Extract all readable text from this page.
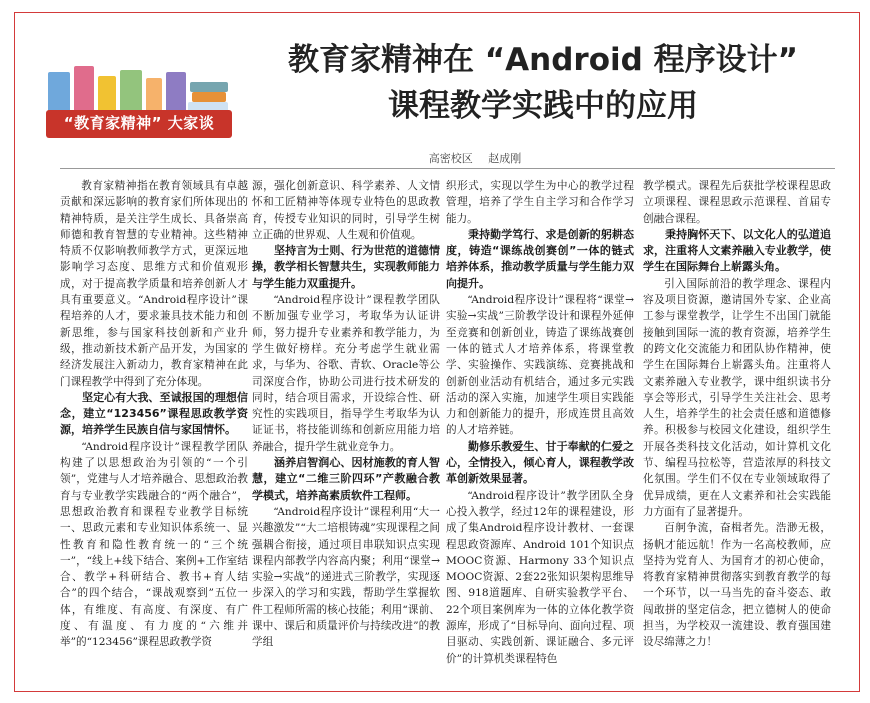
“教育家精神” 大家谈
教育家精神在 “Android 程序设计”
课程教学实践中的应用
高密校区 赵成刚

教育家精神指在教育领域具有卓越贡献和深远影响的教育家们所体现出的精神特质，是关注学生成长、具备崇高师德和教育智慧的专业精神。这些精神特质不仅影响教师教学方式，更深远地影响学习态度、思维方式和价值观形成，对于提高教学质量和培养创新人才具有重要意义。“Android程序设计”课程培养的人才，要求兼具技术能力和创新思维，参与国家科技创新和产业升级，推动新技术新产品开发，为国家的经济发展注入新动力，教育家精神在此门课程教学中得到了充分体现。

坚定心有大我、至诚报国的理想信念，建立“123456”课程思政教学资源，培养学生民族自信与家国情怀。

“Android程序设计”课程教学团队构建了以思想政治为引领的“一个引领”，党建与人才培养融合、思想政治教育与专业教学实践融合的“两个融合”，思想政治教育和课程专业教学目标统一、思政元素和专业知识体系统一、显性教育和隐性教育统一的“三个统一”，“线上+线下结合、案例+工作室结合、教学+科研结合、教书+育人结合”的四个结合，“课战观察到”五位一体，有维度、有高度、有深度、有广度、有温度、有力度的“六维并举”的“123456”课程思政教学资

源，强化创新意识、科学素养、人文情怀和工匠精神等体现专业特色的思政教育，传授专业知识的同时，引导学生树立正确的世界观、人生观和价值观。

坚持言为士则、行为世范的道德情操，教学相长智慧共生，实现教师能力与学生能力双重提升。

“Android程序设计”课程教学团队不断加强专业学习，考取华为认证讲师，努力提升专业素养和教学能力，为学生做好榜样。充分考虑学生就业需求，与华为、谷歌、青软、Oracle等公司深度合作，协助公司进行技术研发的同时，结合项目需求，开设综合性、研究性的实践项目，指导学生考取华为认证证书，将技能训练和创新应用能力培养融合，提升学生就业竞争力。

涵养启智润心、因材施教的育人智慧，建立“二维三阶四环”产教融合教学模式，培养高素质软件工程师。

“Android程序设计”课程利用“大一兴趣激发”“大二培根铸魂”实现课程之间强耦合衔接，通过项目串联知识点实现课程内部教学内容高内聚；利用“课堂→实验→实战”的递进式三阶教学，实现逐步深入的学习和实践，帮助学生掌握软件工程师所需的核心技能；利用“课前、课中、课后和质量评价与持续改进”的教学组

织形式，实现以学生为中心的教学过程管理，培养了学生自主学习和合作学习能力。

秉持勤学笃行、求是创新的躬耕态度，铸造“课练战创赛创”一体的链式培养体系，推动教学质量与学生能力双向提升。

“Android程序设计”课程将“课堂→实验→实战”三阶教学设计和课程外延伸至竞赛和创新创业，铸造了课练战赛创一体的链式人才培养体系，将课堂教学、实验操作、实践演练、竞赛挑战和创新创业活动有机结合，通过多元实践活动的深入实施，加速学生项目实践能力和创新能力的提升，形成连贯且高效的人才培养链。

勤修乐教爱生、甘于奉献的仁爱之心，全情投入，倾心育人，课程教学改革创新效果显著。

“Android程序设计”教学团队全身心投入教学，经过12年的课程建设，形成了集Android程序设计教材、一套课程思政资源库、Android 101个知识点MOOC资源、Harmony 33个知识点MOOC资源、2套22张知识架构思维导图、918道题库、自研实验教学平台、22个项目案例库为一体的立体化教学资源库，形成了“目标导向、面向过程、项目驱动、实践创新、课证融合、多元评价”的计算机类课程特色

教学模式。课程先后获批学校课程思政立项课程、课程思政示范课程、首届专创融合课程。

秉持胸怀天下、以文化人的弘道追求，注重将人文素养融入专业教学，使学生在国际舞台上崭露头角。

引入国际前沿的教学理念、课程内容及项目资源，邀请国外专家、企业高工参与课堂教学，让学生不出国门就能接触到国际一流的教育资源，培养学生的跨文化交流能力和团队协作精神，使学生在国际舞台上崭露头角。注重将人文素养融入专业教学，课中组织读书分享会等形式，引导学生关注社会、思考人生，培养学生的社会责任感和道德修养。积极参与校园文化建设，组织学生开展各类科技文化活动，如计算机文化节、编程马拉松等，营造浓厚的科技文化氛围。学生们不仅在专业领域取得了优异成绩，更在人文素养和社会实践能力方面有了显著提升。

百舸争流，奋楫者先。浩渺无极，扬帆才能远航！作为一名高校教师，应坚持为党育人、为国育才的初心使命，将教育家精神贯彻落实到教育教学的每一个环节，以一马当先的奋斗姿态、敢闯敢拼的坚定信念，把立德树人的使命担当，为学校双一流建设、教育强国建设尽绵薄之力！
